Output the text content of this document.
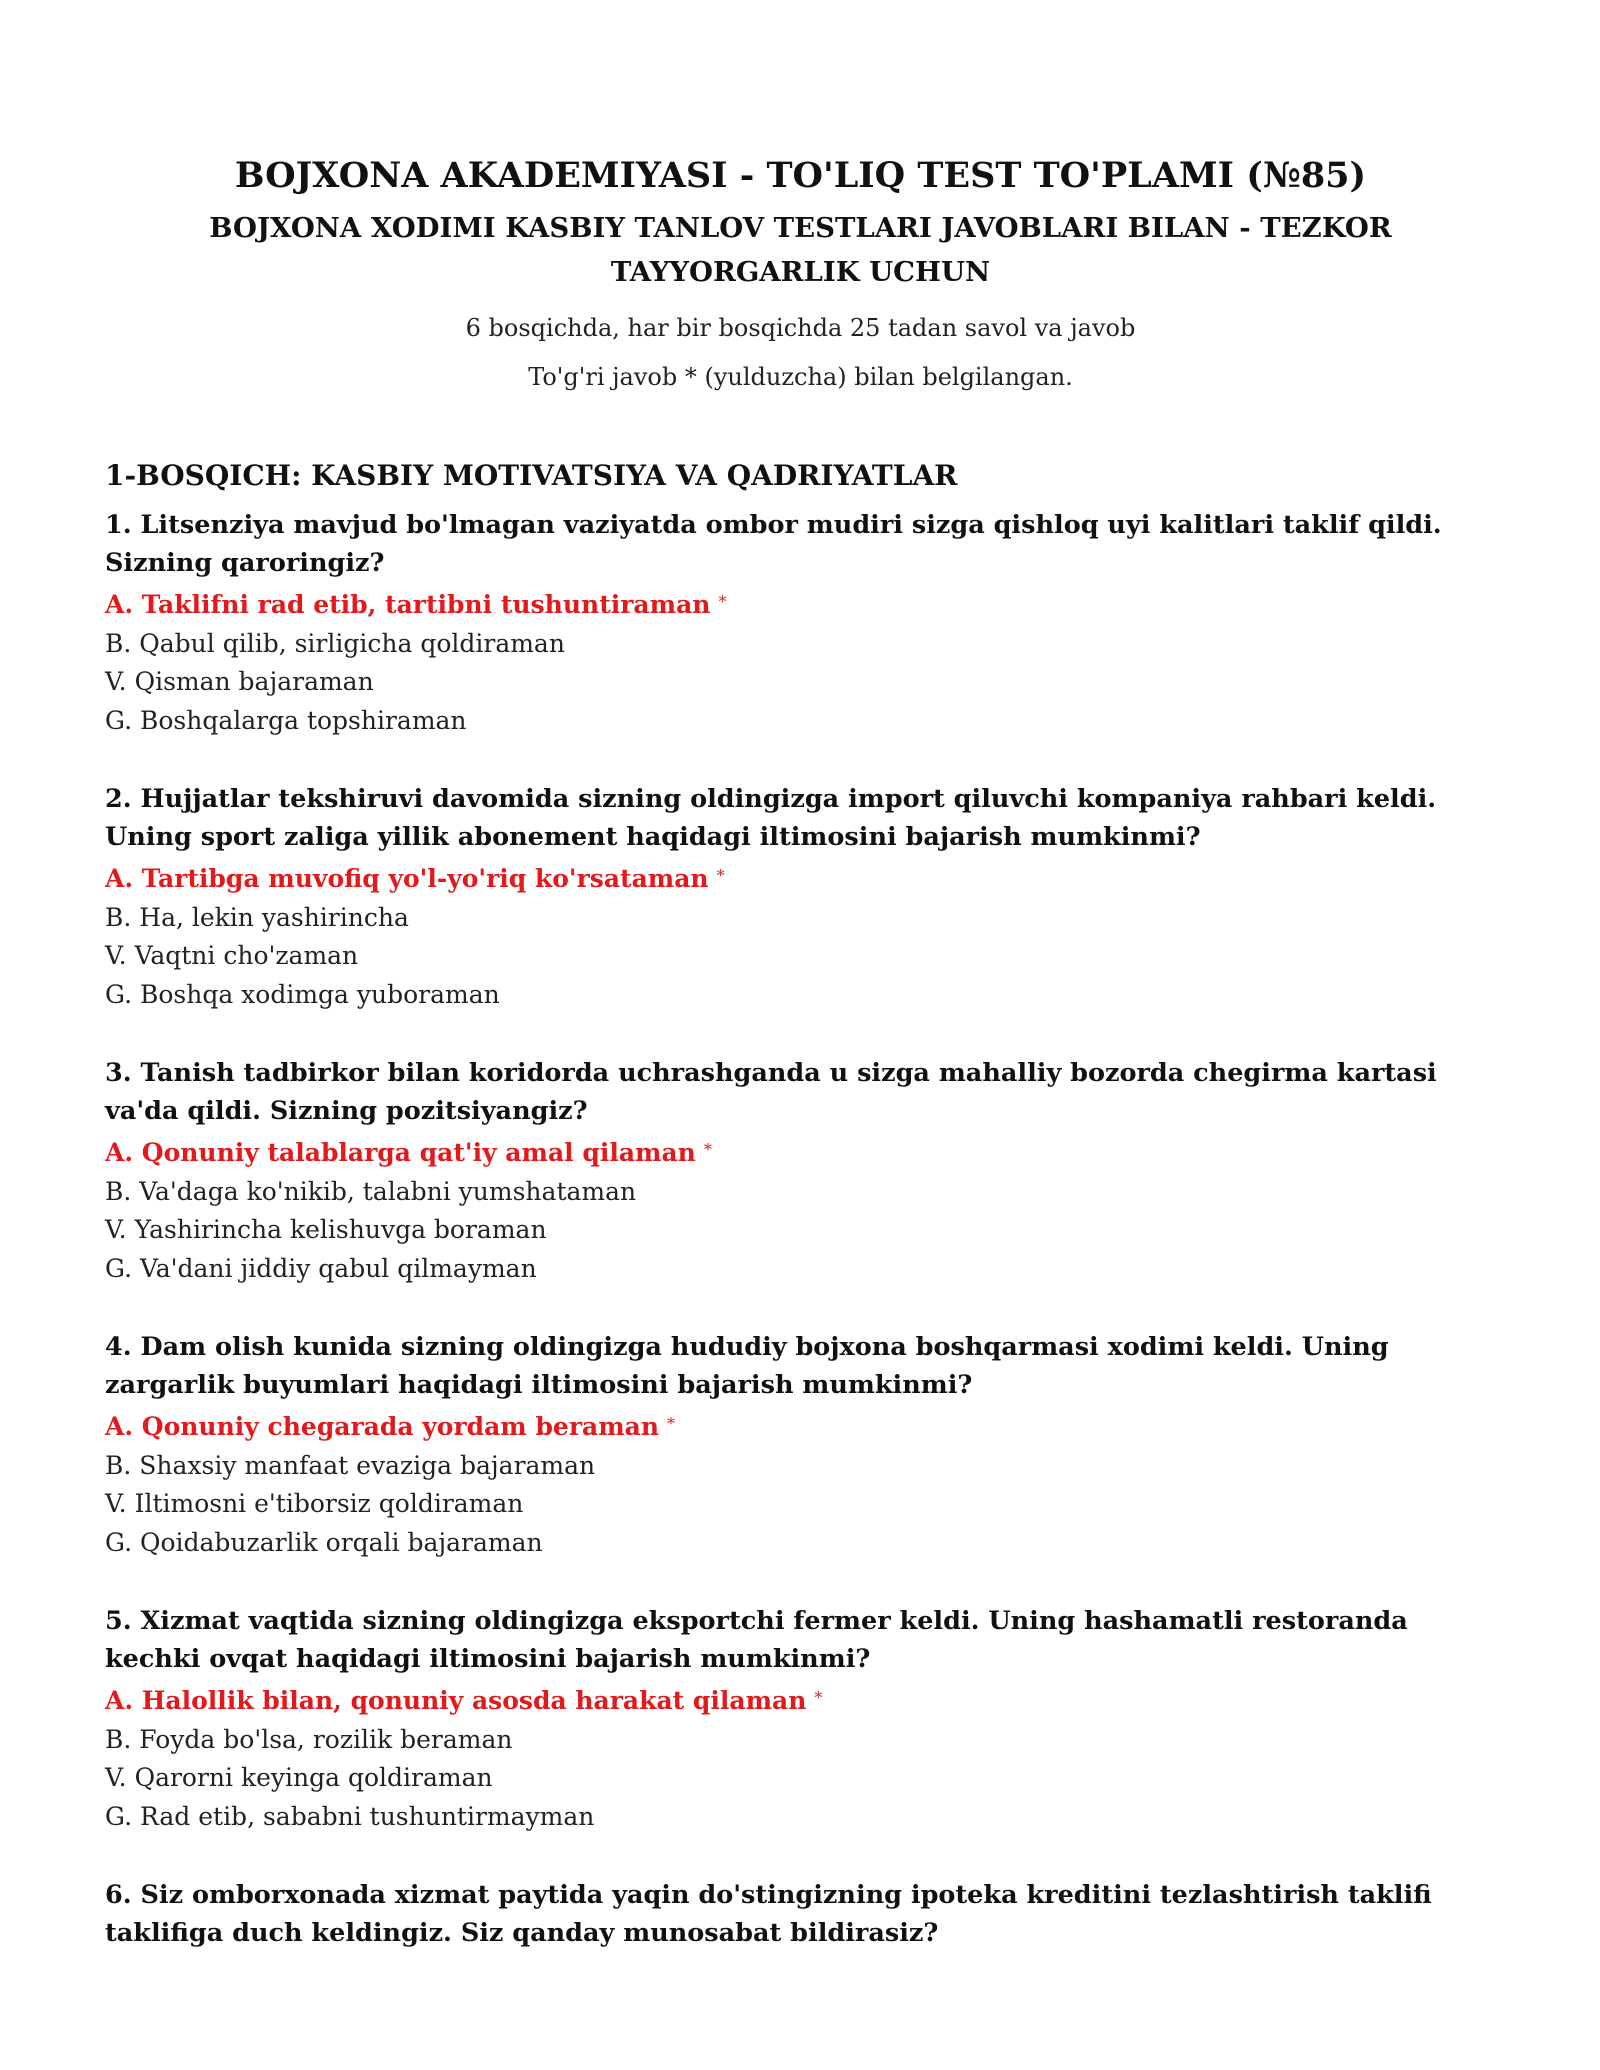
BOJXONA AKADEMIYASI - TO'LIQ TEST TO'PLAMI (№85)
BOJXONA XODIMI KASBIY TANLOV TESTLARI JAVOBLARI BILAN - TEZKOR TAYYORGARLIK UCHUN

6 bosqichda, har bir bosqichda 25 tadan savol va javob

To'g'ri javob * (yulduzcha) bilan belgilangan.

1-BOSQICH: KASBIY MOTIVATSIYA VA QADRIYATLAR

1. Litsenziya mavjud bo'lmagan vaziyatda ombor mudiri sizga qishloq uyi kalitlari taklif qildi. Sizning qaroringiz?

A. Taklifni rad etib, tartibni tushuntiraman *

B. Qabul qilib, sirligicha qoldiraman

V. Qisman bajaraman

G. Boshqalarga topshiraman

2. Hujjatlar tekshiruvi davomida sizning oldingizga import qiluvchi kompaniya rahbari keldi. Uning sport zaliga yillik abonement haqidagi iltimosini bajarish mumkinmi?

A. Tartibga muvofiq yo'l-yo'riq ko'rsataman *

B. Ha, lekin yashirincha

V. Vaqtni cho'zaman

G. Boshqa xodimga yuboraman

3. Tanish tadbirkor bilan koridorda uchrashganda u sizga mahalliy bozorda chegirma kartasi va'da qildi. Sizning pozitsiyangiz?

A. Qonuniy talablarga qat'iy amal qilaman *

B. Va'daga ko'nikib, talabni yumshataman

V. Yashirincha kelishuvga boraman

G. Va'dani jiddiy qabul qilmayman

4. Dam olish kunida sizning oldingizga hududiy bojxona boshqarmasi xodimi keldi. Uning zargarlik buyumlari haqidagi iltimosini bajarish mumkinmi?

A. Qonuniy chegarada yordam beraman *

B. Shaxsiy manfaat evaziga bajaraman

V. Iltimosni e'tiborsiz qoldiraman

G. Qoidabuzarlik orqali bajaraman

5. Xizmat vaqtida sizning oldingizga eksportchi fermer keldi. Uning hashamatli restoranda kechki ovqat haqidagi iltimosini bajarish mumkinmi?

A. Halollik bilan, qonuniy asosda harakat qilaman *

B. Foyda bo'lsa, rozilik beraman

V. Qarorni keyinga qoldiraman

G. Rad etib, sababni tushuntirmayman

6. Siz omborxonada xizmat paytida yaqin do'stingizning ipoteka kreditini tezlashtirish taklifi taklifiga duch keldingiz. Siz qanday munosabat bildirasiz?
